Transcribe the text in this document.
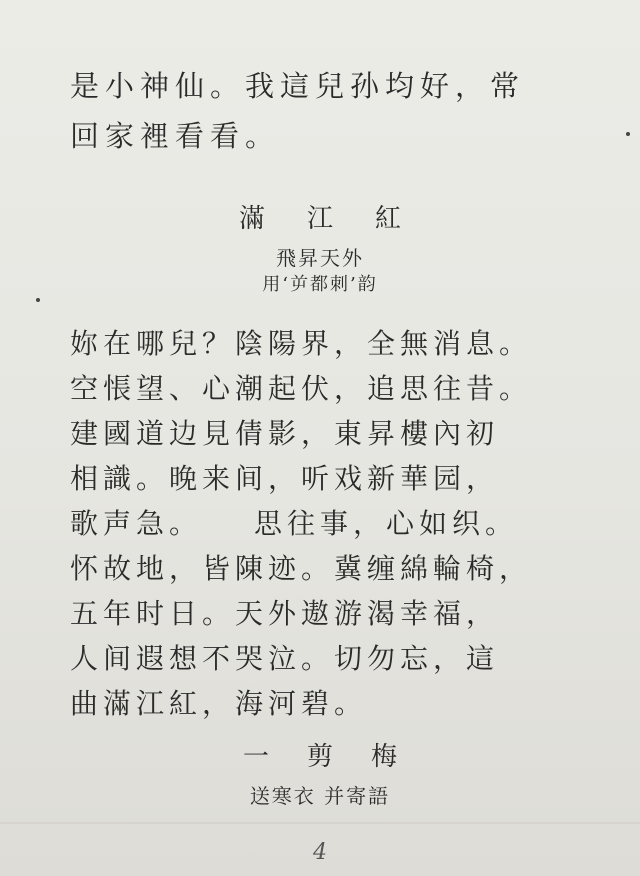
是小神仙。我這兒孙均好，常
回家裡看看。
滿江紅
飛昇天外
用‘屰都刺’韵
妳在哪兒？陰陽界，全無消息。
空悵望、心潮起伏，追思往昔。
建國道边見倩影，東昇樓內初
相識。晚来间，听戏新華园，
歌声急。　　思往事，心如织。
怀故地，皆陳迹。冀缠綿輪椅，
五年时日。天外遨游渴幸福，
人间遐想不哭泣。切勿忘，這
曲滿江紅，海河碧。
一剪梅
送寒衣 并寄語
4
